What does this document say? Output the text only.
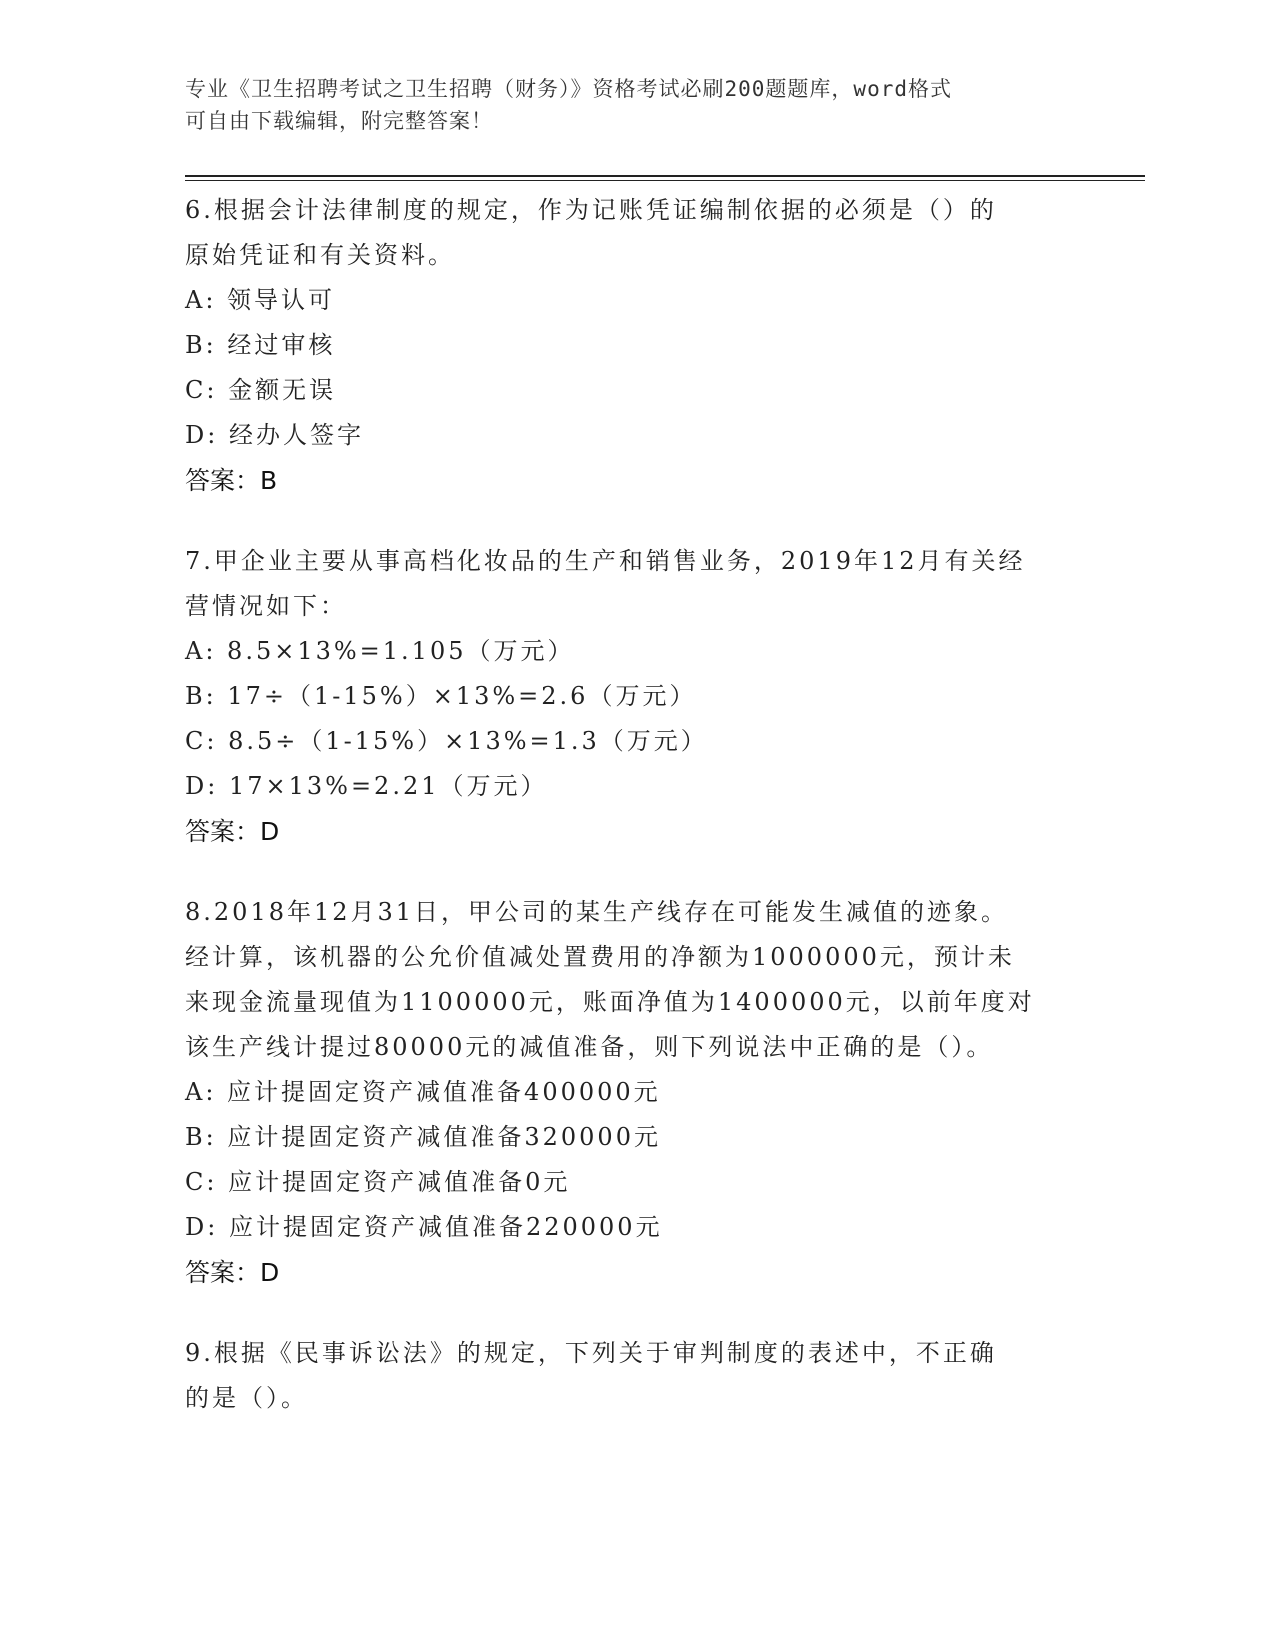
专业《卫生招聘考试之卫生招聘（财务）》资格考试必刷200题题库，word格式
可自由下载编辑，附完整答案！

6.根据会计法律制度的规定，作为记账凭证编制依据的必须是（）的

原始凭证和有关资料。

A: 领导认可

B: 经过审核

C: 金额无误

D: 经办人签字

答案：B

7.甲企业主要从事高档化妆品的生产和销售业务，2019年12月有关经

营情况如下：

A: 8.5×13%=1.105（万元）

B: 17÷（1-15%）×13%=2.6（万元）

C: 8.5÷（1-15%）×13%=1.3（万元）

D: 17×13%=2.21（万元）

答案：D

8.2018年12月31日，甲公司的某生产线存在可能发生减值的迹象。

经计算，该机器的公允价值减处置费用的净额为1000000元，预计未

来现金流量现值为1100000元，账面净值为1400000元，以前年度对

该生产线计提过80000元的减值准备，则下列说法中正确的是（）。

A: 应计提固定资产减值准备400000元

B: 应计提固定资产减值准备320000元

C: 应计提固定资产减值准备0元

D: 应计提固定资产减值准备220000元

答案：D

9.根据《民事诉讼法》的规定，下列关于审判制度的表述中，不正确

的是（）。
